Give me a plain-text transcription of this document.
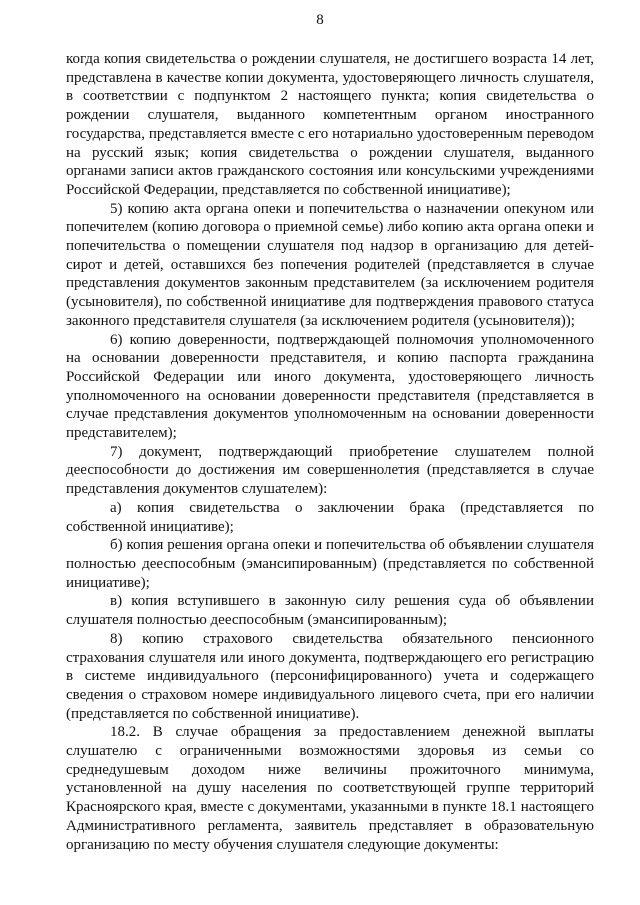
8

когда копия свидетельства о рождении слушателя, не достигшего возраста 14 лет, представлена в качестве копии документа, удостоверяющего личность слушателя, в соответствии с подпунктом 2 настоящего пункта; копия свидетельства о рождении слушателя, выданного компетентным органом иностранного государства, представляется вместе с его нотариально удостоверенным переводом на русский язык; копия свидетельства о рождении слушателя, выданного органами записи актов гражданского состояния или консульскими учреждениями Российской Федерации, представляется по собственной инициативе);

5) копию акта органа опеки и попечительства о назначении опекуном или попечителем (копию договора о приемной семье) либо копию акта органа опеки и попечительства о помещении слушателя под надзор в организацию для детей-сирот и детей, оставшихся без попечения родителей (представляется в случае представления документов законным представителем (за исключением родителя (усыновителя), по собственной инициативе для подтверждения правового статуса законного представителя слушателя (за исключением родителя (усыновителя));

6) копию доверенности, подтверждающей полномочия уполномоченного на основании доверенности представителя, и копию паспорта гражданина Российской Федерации или иного документа, удостоверяющего личность уполномоченного на основании доверенности представителя (представляется в случае представления документов уполномоченным на основании доверенности представителем);

7) документ, подтверждающий приобретение слушателем полной дееспособности до достижения им совершеннолетия (представляется в случае представления документов слушателем):

а) копия свидетельства о заключении брака (представляется по собственной инициативе);

б) копия решения органа опеки и попечительства об объявлении слушателя полностью дееспособным (эмансипированным) (представляется по собственной инициативе);

в) копия вступившего в законную силу решения суда об объявлении слушателя полностью дееспособным (эмансипированным);

8) копию страхового свидетельства обязательного пенсионного страхования слушателя или иного документа, подтверждающего его регистрацию в системе индивидуального (персонифицированного) учета и содержащего сведения о страховом номере индивидуального лицевого счета, при его наличии (представляется по собственной инициативе).

18.2. В случае обращения за предоставлением денежной выплаты слушателю с ограниченными возможностями здоровья из семьи со среднедушевым доходом ниже величины прожиточного минимума, установленной на душу населения по соответствующей группе территорий Красноярского края, вместе с документами, указанными в пункте 18.1 настоящего Административного регламента, заявитель представляет в образовательную организацию по месту обучения слушателя следующие документы:
